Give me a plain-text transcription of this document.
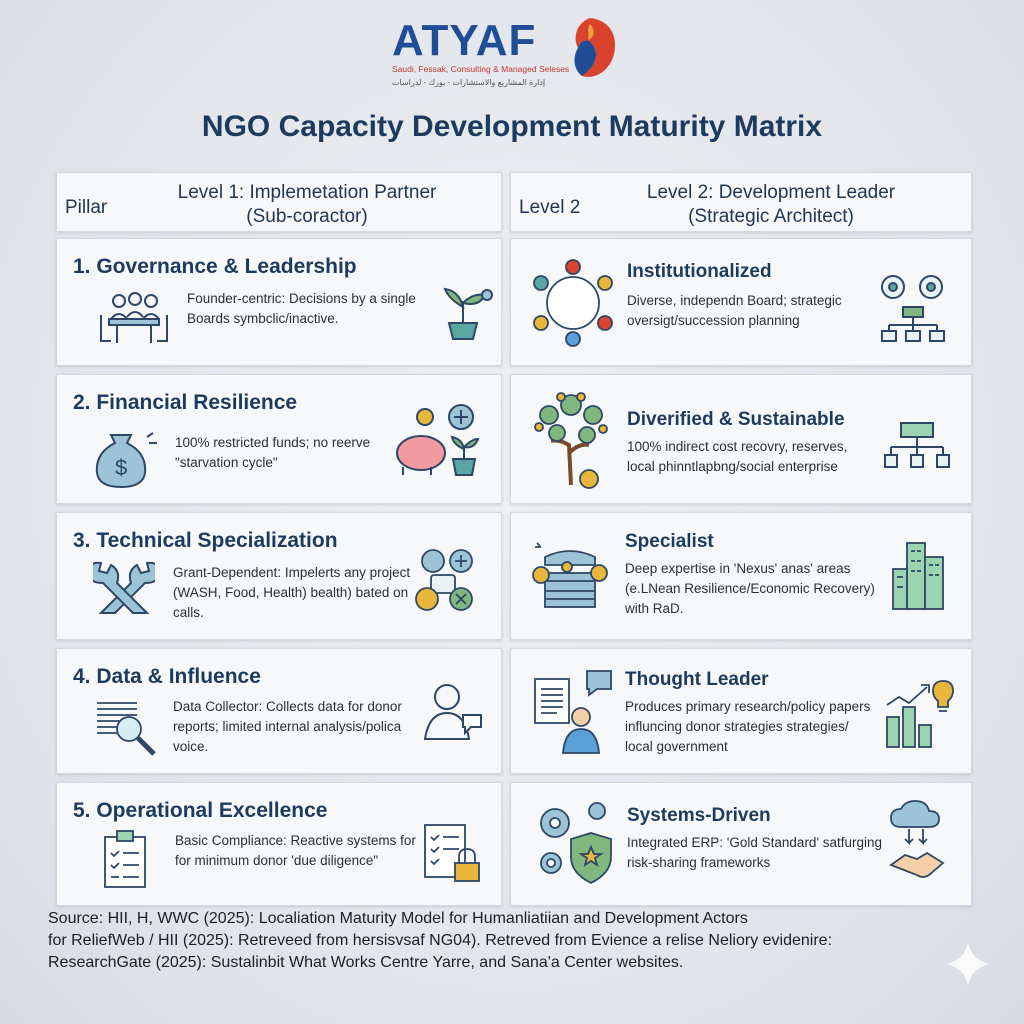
ATYAF
Saudi, Fessak, Consulting & Managed Seleses
إدارة المشاريع والاستشارات - يورك - لدراسات
NGO Capacity Development Maturity Matrix
Pillar
Level 1: Implemetation Partner
(Sub-coractor)	Level 2
Level 2: Development Leader
(Strategic Architect)
1. Governance & Leadership
Founder-centric: Decisions by a single
Boards symbclic/inactive.
Institutionalized
Diverse, independn Board; strategic
oversigt/succession planning
2. Financial Resilience
$
100% restricted funds; no reerve
"starvation cycle"
Diverified & Sustainable
100% indirect cost recovry, reserves,
local phinntlapbng/social enterprise
3. Technical Specialization
Grant-Dependent: Impelerts any project
(WASH, Food, Health) bealth) bated on
calls.
Specialist
Deep expertise in 'Nexus' anas' areas
(e.LNean Resilience/Economic Recovery)
with RaD.
4. Data & Influence
Data Collector: Collects data for donor
reports; limited internal analysis/polica
voice.
Thought Leader
Produces primary research/policy papers
influncing donor strategies strategies/
local government
5. Operational Excellence
Basic Compliance: Reactive systems for
for minimum donor 'due diligence"
Systems-Driven
Integrated ERP: 'Gold Standard' satfurging
risk-sharing frameworks
Source: HII, H, WWC (2025): Localiation Maturity Model for Humanliatiian and Development Actors
for ReliefWeb / HII (2025): Retreveed from hersisvsaf NG04). Retreved from Evience a relise Neliory evidenire:
ResearchGate (2025): Sustalinbit What Works Centre Yarre, and Sana'a Center websites.
